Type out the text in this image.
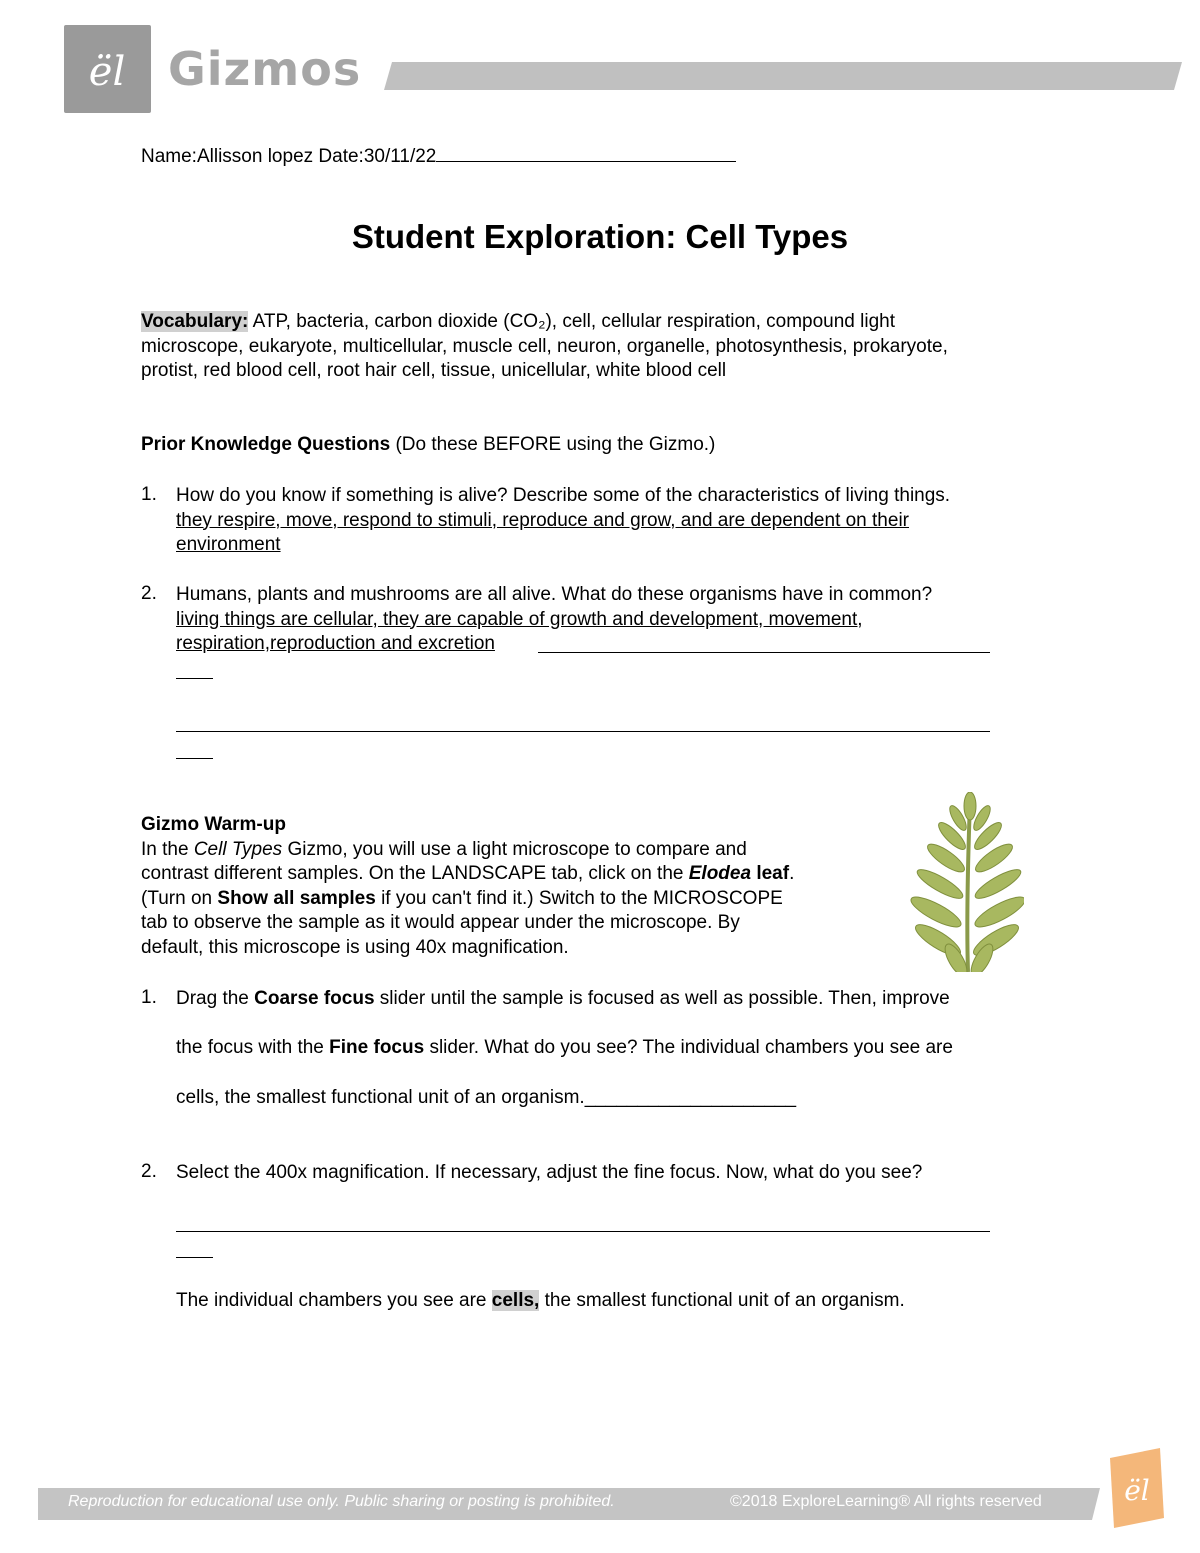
ël Gizmos
Name:Allisson lopez Date:30/11/22
Student Exploration: Cell Types
Vocabulary: ATP, bacteria, carbon dioxide (CO₂), cell, cellular respiration, compound light
microscope, eukaryote, multicellular, muscle cell, neuron, organelle, photosynthesis, prokaryote,
protist, red blood cell, root hair cell, tissue, unicellular, white blood cell
Prior Knowledge Questions (Do these BEFORE using the Gizmo.)
1. How do you know if something is alive? Describe some of the characteristics of living things.
they respire, move, respond to stimuli, reproduce and grow, and are dependent on their
environment
2. Humans, plants and mushrooms are all alive. What do these organisms have in common?
living things are cellular, they are capable of growth and development, movement,
respiration,reproduction and excretion
Gizmo Warm-up
In the Cell Types Gizmo, you will use a light microscope to compare and
contrast different samples. On the LANDSCAPE tab, click on the Elodea leaf.
(Turn on Show all samples if you can't find it.) Switch to the MICROSCOPE
tab to observe the sample as it would appear under the microscope. By
default, this microscope is using 40x magnification.
1. Drag the Coarse focus slider until the sample is focused as well as possible. Then, improve
the focus with the Fine focus slider. What do you see? The individual chambers you see are
cells, the smallest functional unit of an organism.____________________
2. Select the 400x magnification. If necessary, adjust the fine focus. Now, what do you see?
The individual chambers you see are cells, the smallest functional unit of an organism.
Reproduction for educational use only. Public sharing or posting is prohibited.	©2018 ExploreLearning® All rights reserved	ël
